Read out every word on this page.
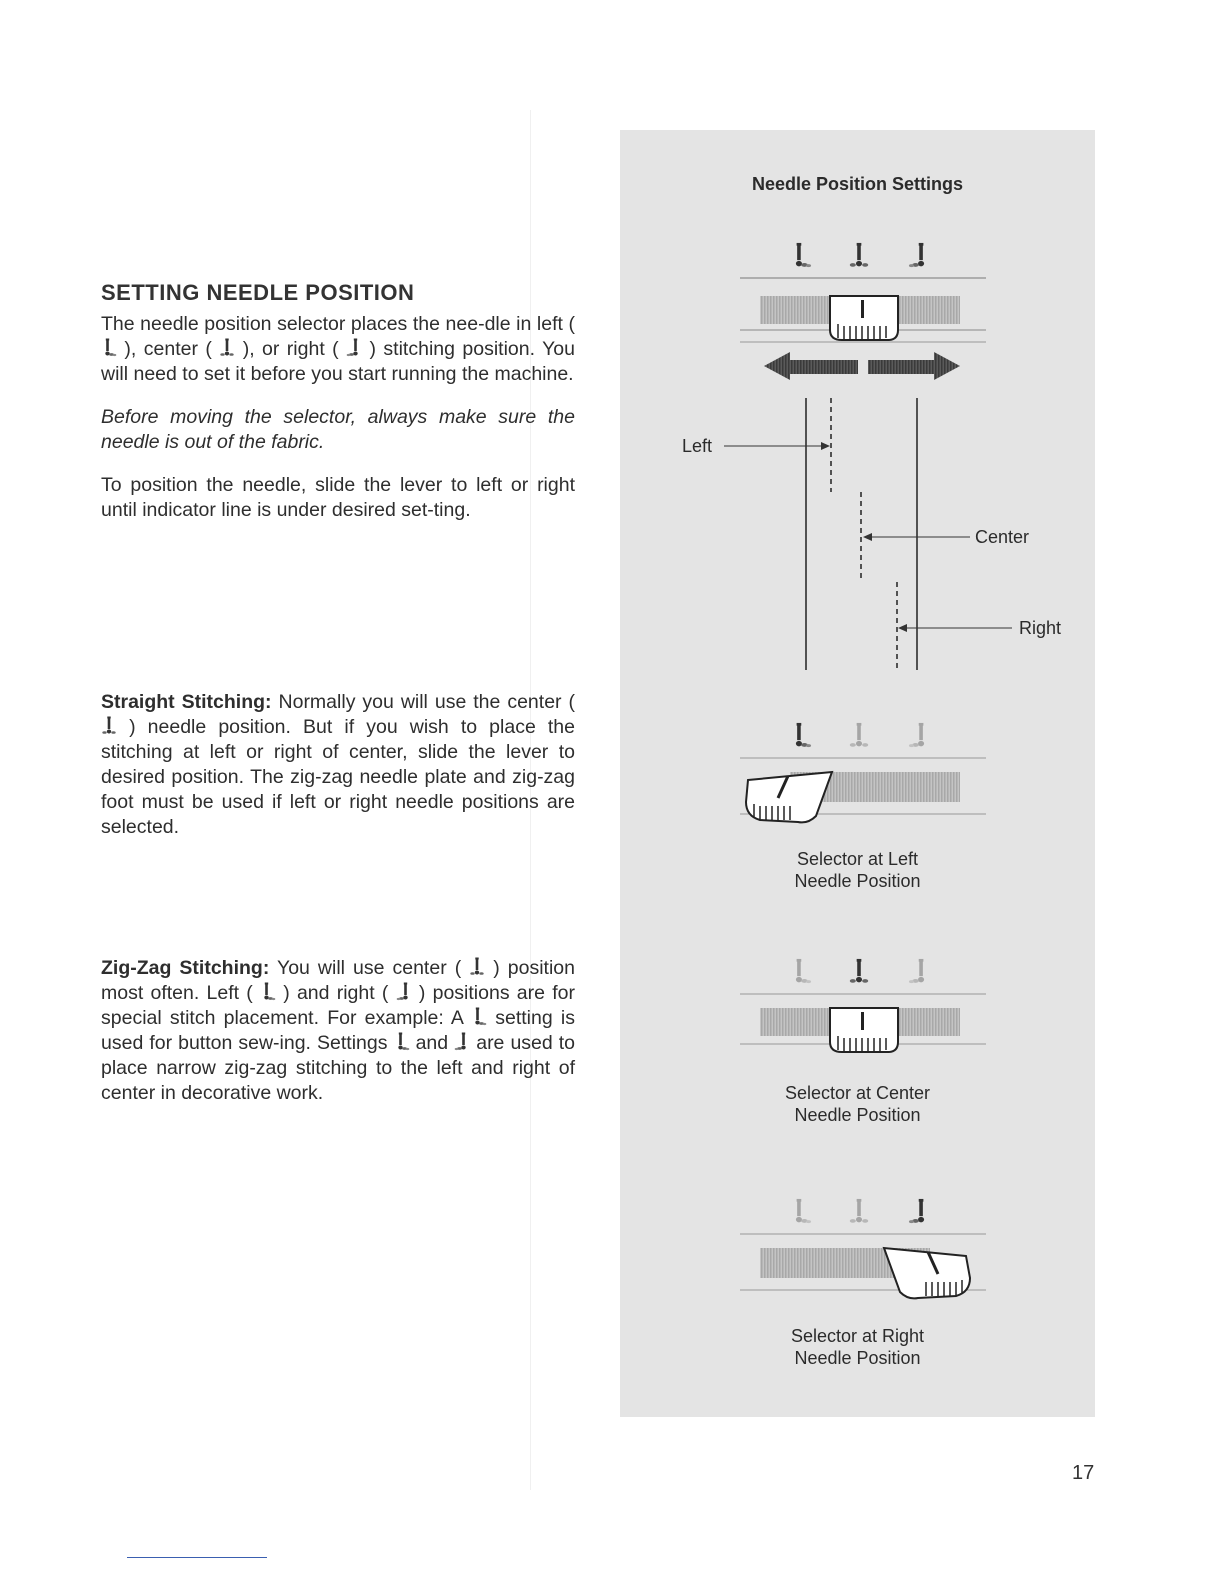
SETTING NEEDLE POSITION

The needle position selector places the nee-dle in left (
), center ( ), or right ( ) stitching position. You will need to set it before you start running the machine.

Before moving the selector, always make sure the needle is out of the fabric.

To position the needle, slide the lever to left or right until indicator line is under desired set-ting.

Straight Stitching: Normally you will use the center (
) needle position. But if you wish to place the stitching at left or right of center, slide the lever to desired position. The zig-zag needle plate and zig-zag foot must be used if left or right needle positions are selected.

Zig-Zag Stitching: You will use center ( ) position most often. Left ( ) and right ( ) positions are for special stitch placement. For example: A setting is used for button sew-ing. Settings and are used to place narrow zig-zag stitching to the left and right of center in decorative work.

Needle Position Settings
Left
Center
Right
Selector at Left
Needle Position
Selector at Center
Needle Position
Selector at Right
Needle Position
17
